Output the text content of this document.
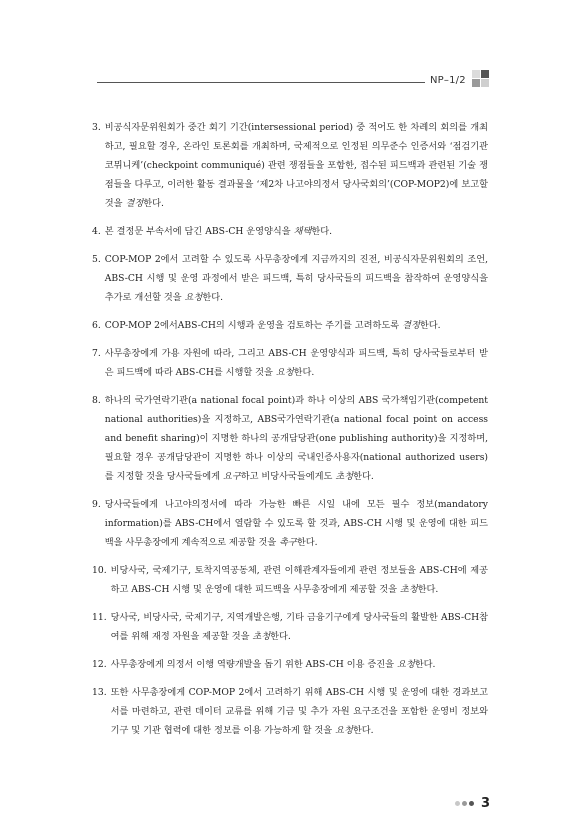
NP–1/2
3. 비공식자문위원회가 중간 회기 기간(intersessional period) 중 적어도 한 차례의 회의를 개최하고, 필요할 경우, 온라인 토론회를 개최하며, 국제적으로 인정된 의무준수 인증서와 ‘점검기관 코뮈니케’(checkpoint communiqué) 관련 쟁점들을 포함한, 접수된 피드백과 관련된 기술 쟁점들을 다루고, 이러한 활동 결과물을 ‘제2차 나고야의정서 당사국회의’(COP-MOP2)에 보고할 것을 결정한다.
4. 본 결정문 부속서에 담긴 ABS-CH 운영양식을 채택한다.
5. COP-MOP 2에서 고려할 수 있도록 사무총장에게 지금까지의 진전, 비공식자문위원회의 조언, ABS-CH 시행 및 운영 과정에서 받은 피드백, 특히 당사국들의 피드백을 참작하여 운영양식을 추가로 개선할 것을 요청한다.
6. COP-MOP 2에서ABS-CH의 시행과 운영을 검토하는 주기를 고려하도록 결정한다.
7. 사무총장에게 가용 자원에 따라, 그리고 ABS-CH 운영양식과 피드백, 특히 당사국들로부터 받은 피드백에 따라 ABS-CH를 시행할 것을 요청한다.
8. 하나의 국가연락기관(a national focal point)과 하나 이상의 ABS 국가책임기관(competent national authorities)을 지정하고, ABS국가연락기관(a national focal point on access and benefit sharing)이 지명한 하나의 공개담당관(one publishing authority)을 지정하며, 필요할 경우 공개담당관이 지명한 하나 이상의 국내인증사용자(national authorized users)를 지정할 것을 당사국들에게 요구하고 비당사국들에게도 초청한다.
9. 당사국들에게 나고야의정서에 따라 가능한 빠른 시일 내에 모든 필수 정보(mandatory information)를 ABS-CH에서 열람할 수 있도록 할 것과, ABS-CH 시행 및 운영에 대한 피드백을 사무총장에게 계속적으로 제공할 것을 촉구한다.
10. 비당사국, 국제기구, 토착지역공동체, 관련 이해관계자들에게 관련 정보들을 ABS-CH에 제공하고 ABS-CH 시행 및 운영에 대한 피드백을 사무총장에게 제공할 것을 초청한다.
11. 당사국, 비당사국, 국제기구, 지역개발은행, 기타 금융기구에게 당사국들의 활발한 ABS-CH참여를 위해 재정 자원을 제공할 것을 초청한다.
12. 사무총장에게 의정서 이행 역량개발을 돕기 위한 ABS-CH 이용 증진을 요청한다.
13. 또한 사무총장에게 COP-MOP 2에서 고려하기 위해 ABS-CH 시행 및 운영에 대한 경과보고서를 마련하고, 관련 데이터 교류를 위해 기금 및 추가 자원 요구조건을 포함한 운영비 정보와 기구 및 기관 협력에 대한 정보를 이용 가능하게 할 것을 요청한다.
3
